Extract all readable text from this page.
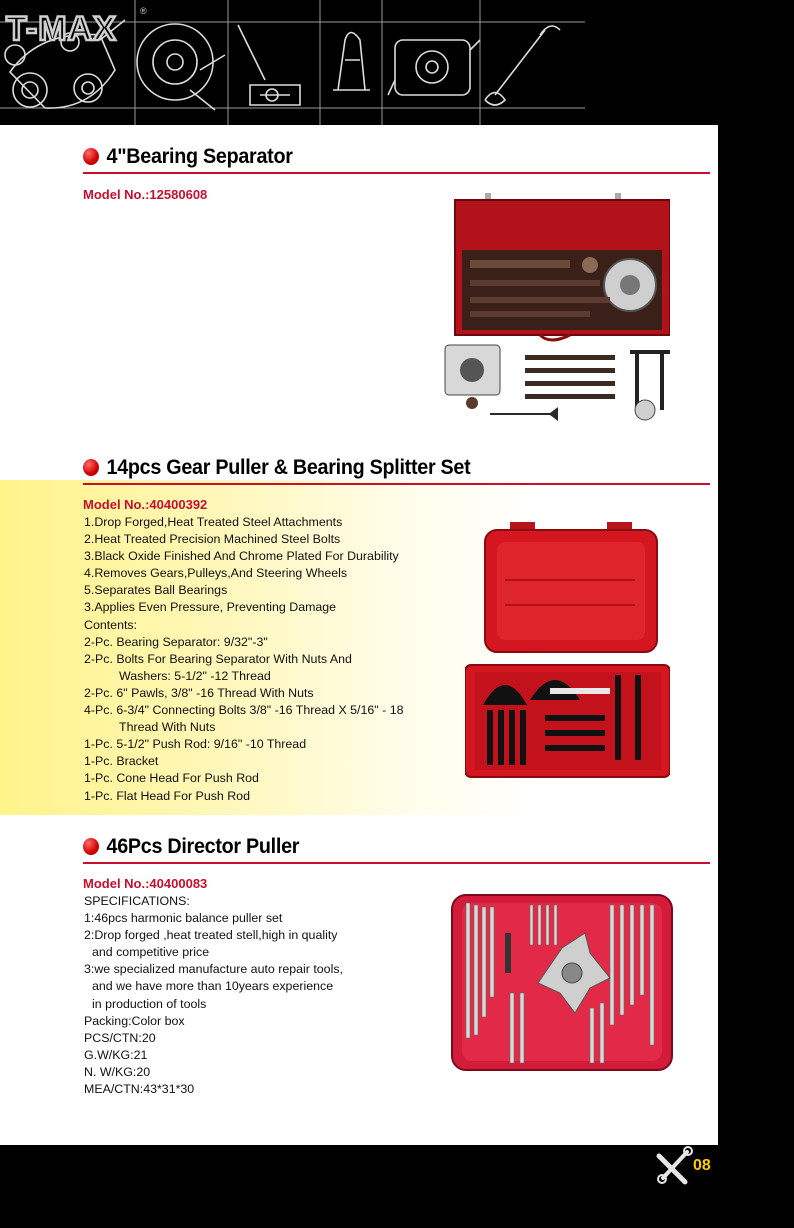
T-MAX	®
4"Bearing Separator
Model No.:12580608
14pcs Gear Puller & Bearing Splitter Set
Model No.:40400392
1.Drop Forged,Heat Treated Steel Attachments
2.Heat Treated Precision Machined Steel Bolts
3.Black Oxide Finished And Chrome Plated For Durability
4.Removes Gears,Pulleys,And Steering Wheels
5.Separates Ball Bearings
3.Applies Even Pressure, Preventing Damage
Contents:
2-Pc. Bearing Separator: 9/32"-3"
2-Pc. Bolts For Bearing Separator With Nuts And
Washers: 5-1/2" -12 Thread
2-Pc. 6" Pawls, 3/8" -16 Thread With Nuts
4-Pc. 6-3/4" Connecting Bolts 3/8" -16 Thread X 5/16" - 18
Thread With Nuts
1-Pc. 5-1/2" Push Rod: 9/16" -10 Thread
1-Pc. Bracket
1-Pc. Cone Head For Push Rod
1-Pc. Flat Head For Push Rod
46Pcs Director Puller
Model No.:40400083
SPECIFICATIONS:
1:46pcs harmonic balance puller set
2:Drop forged ,heat treated stell,high in quality
and competitive price
3:we specialized manufacture auto repair tools,
and we have more than 10years experience
in production of tools
Packing:Color box
PCS/CTN:20
G.W/KG:21
N. W/KG:20
MEA/CTN:43*31*30
08
